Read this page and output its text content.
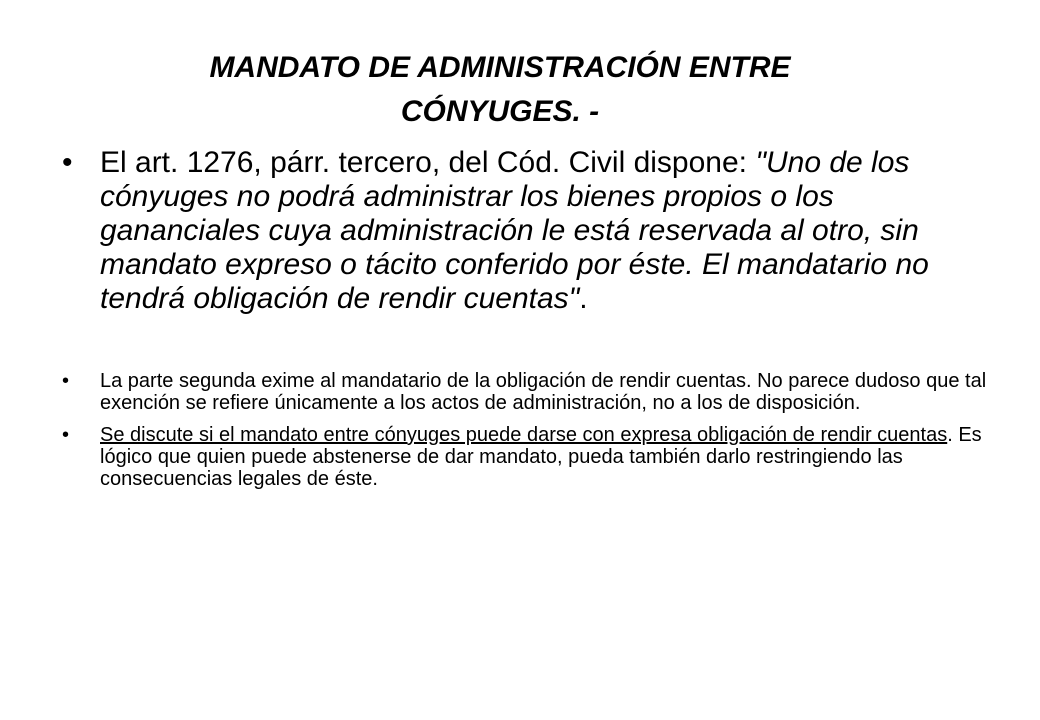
MANDATO DE ADMINISTRACIÓN ENTRE
CÓNYUGES. -
• El art. 1276, párr. tercero, del Cód. Civil dispone: "Uno de los cónyuges no podrá administrar los bienes propios o los gananciales cuya administración le está reservada al otro, sin mandato expreso o tácito conferido por éste. El mandatario no tendrá obligación de rendir cuentas".
• La parte segunda exime al mandatario de la obligación de rendir cuentas. No parece dudoso que tal exención se refiere únicamente a los actos de administración, no a los de disposición.
• Se discute si el mandato entre cónyuges puede darse con expresa obligación de rendir cuentas. Es lógico que quien puede abstenerse de dar mandato, pueda también darlo restringiendo las consecuencias legales de éste.
